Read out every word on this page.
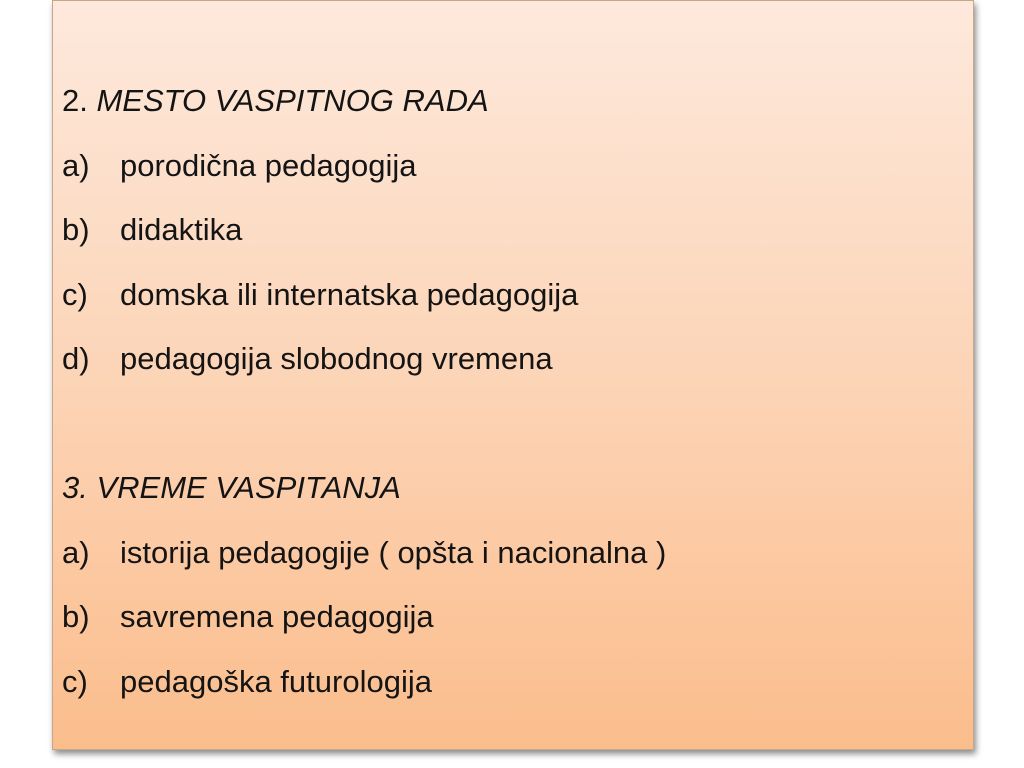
2. MESTO VASPITNOG RADA
a) porodična pedagogija
b) didaktika
c)	domska ili internatska pedagogija
d) pedagogija slobodnog vremena
3. VREME VASPITANJA
a) istorija pedagogije ( opšta i nacionalna )
b) savremena pedagogija
c)	pedagoška futurologija
